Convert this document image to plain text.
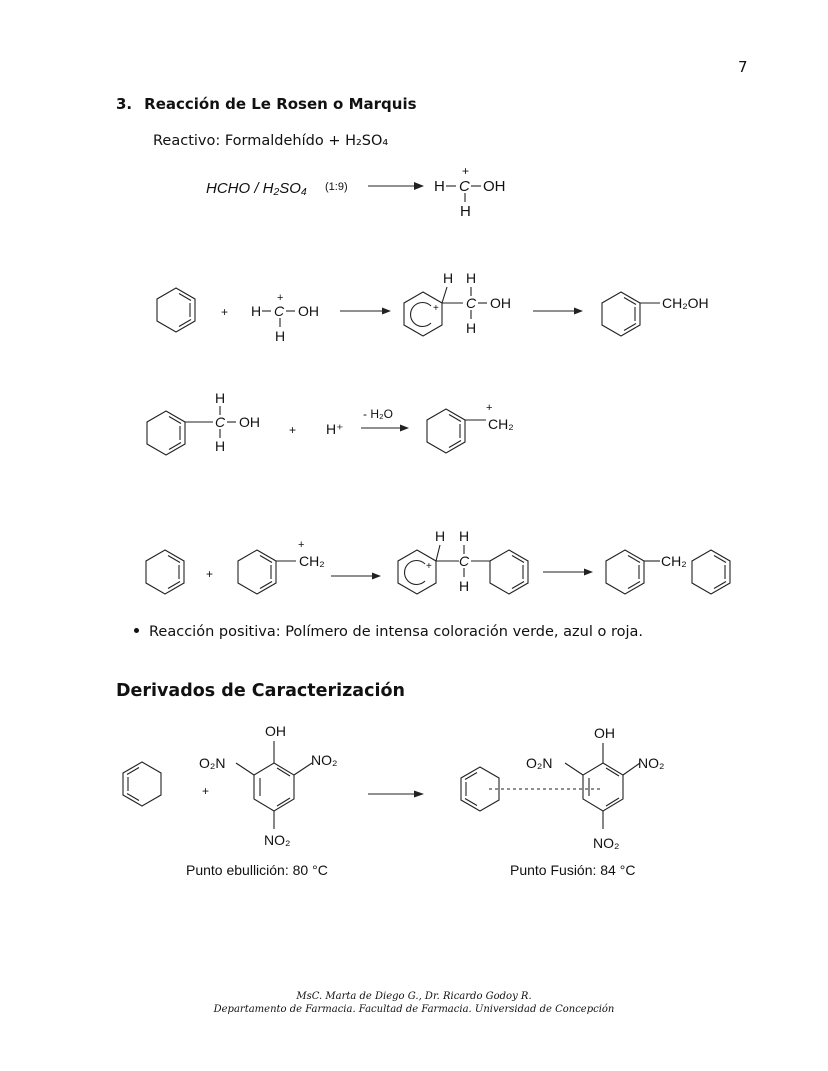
7
3. Reacción de Le Rosen o Marquis
Reactivo: Formaldehído + H₂SO₄
HCHO / H₂SO₄ (1:9)	H C
+
OH
H
+ H C
+
OH
H
+
H H
C OH
H
CH₂OH
H
C OH
H
+ H⁺
- H₂O	+
CH₂
+
+
CH₂	+
H H
C
H
CH₂
+
OH
O₂N	NO₂
NO₂
OH
O₂N	NO₂
NO₂
Punto ebullición: 80 °C	Punto Fusión: 84 °C
Reacción positiva: Polímero de intensa coloración verde, azul o roja.
Derivados de Caracterización
MsC. Marta de Diego G., Dr. Ricardo Godoy R.
Departamento de Farmacia. Facultad de Farmacia. Universidad de Concepción
